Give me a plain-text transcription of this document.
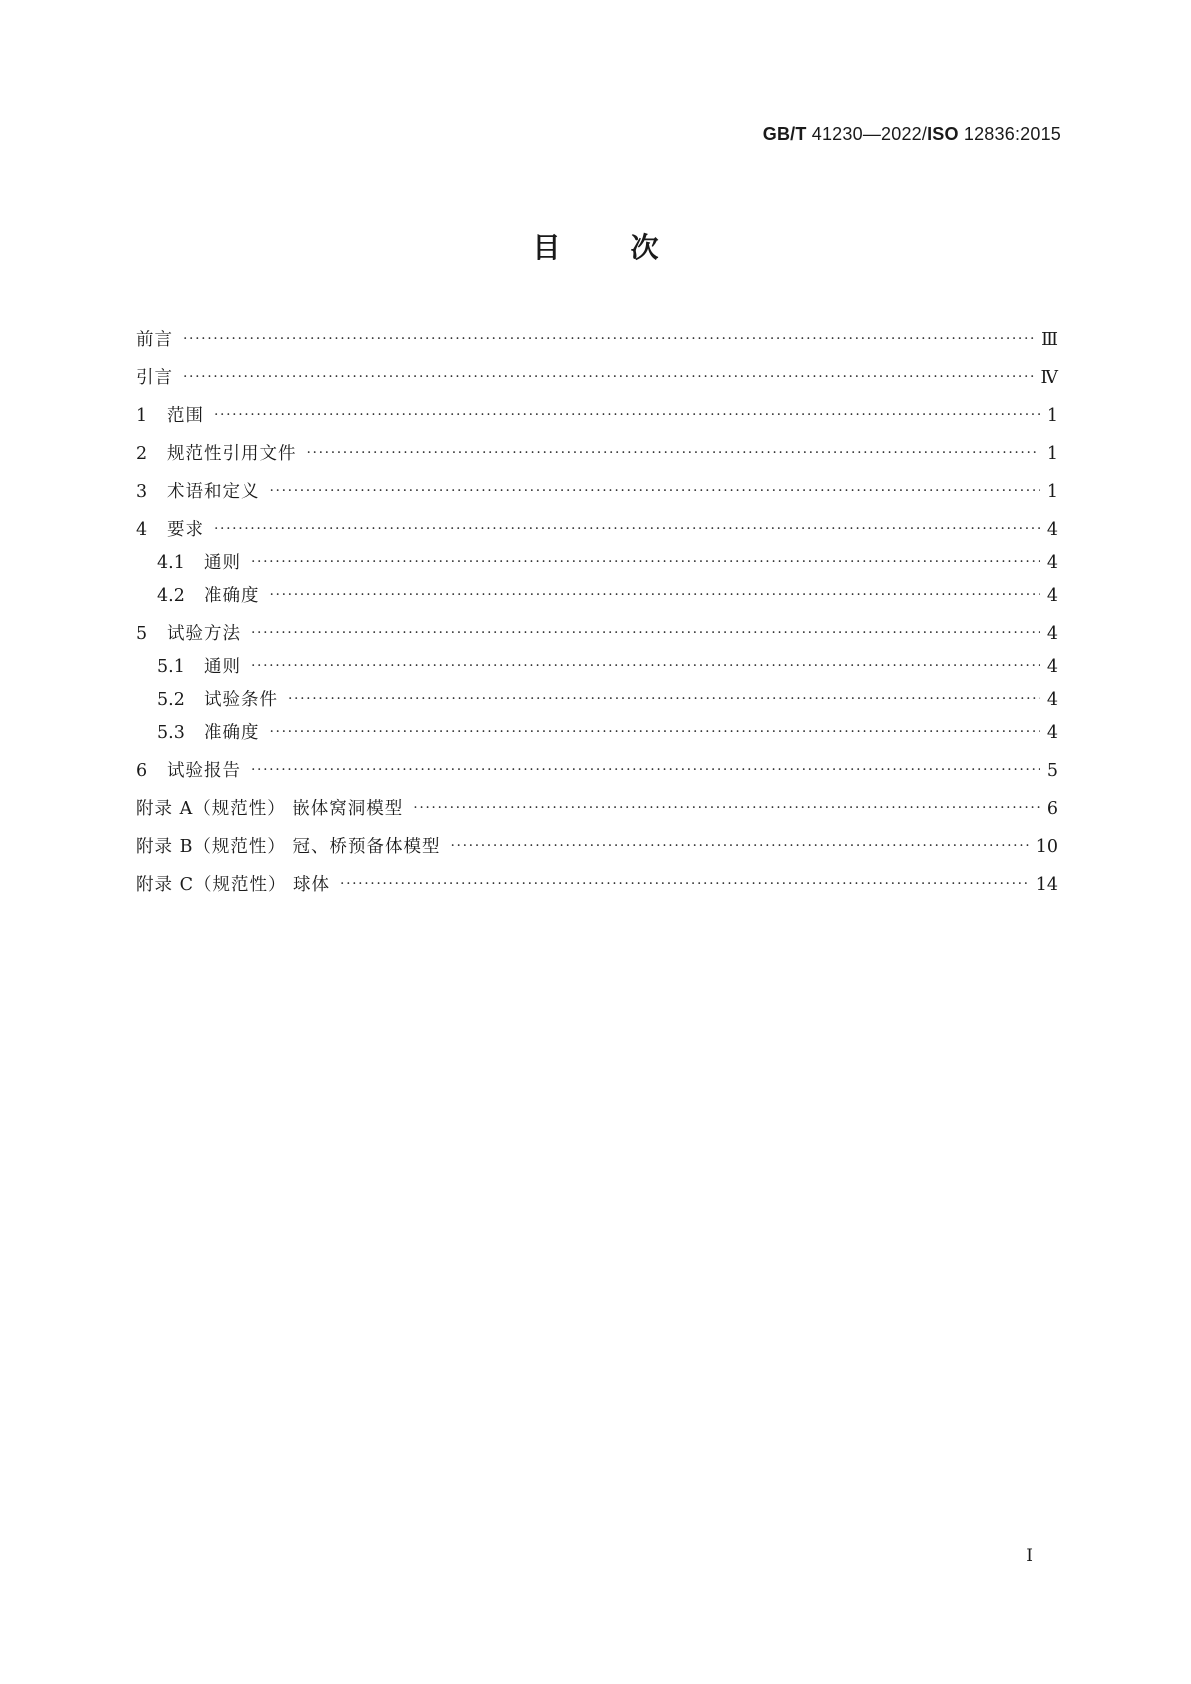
GB/T 41230—2022/ISO 12836:2015
目次
前言 ·····	Ⅲ
引言 ·····	Ⅳ
1	范围 ·····	1
2	规范性引用文件 ·····	1
3	术语和定义 ·····	1
4	要求 ·····	4
4.1	通则 ·····	4
4.2	准确度 ·····	4
5	试验方法 ·····	4
5.1	通则 ·····	4
5.2	试验条件 ·····	4
5.3	准确度 ·····	4
6	试验报告 ·····	5
附录 A（规范性） 嵌体窝洞模型 ·····	6
附录 B（规范性） 冠、桥预备体模型 ·····	10
附录 C（规范性） 球体 ·····	14
I
